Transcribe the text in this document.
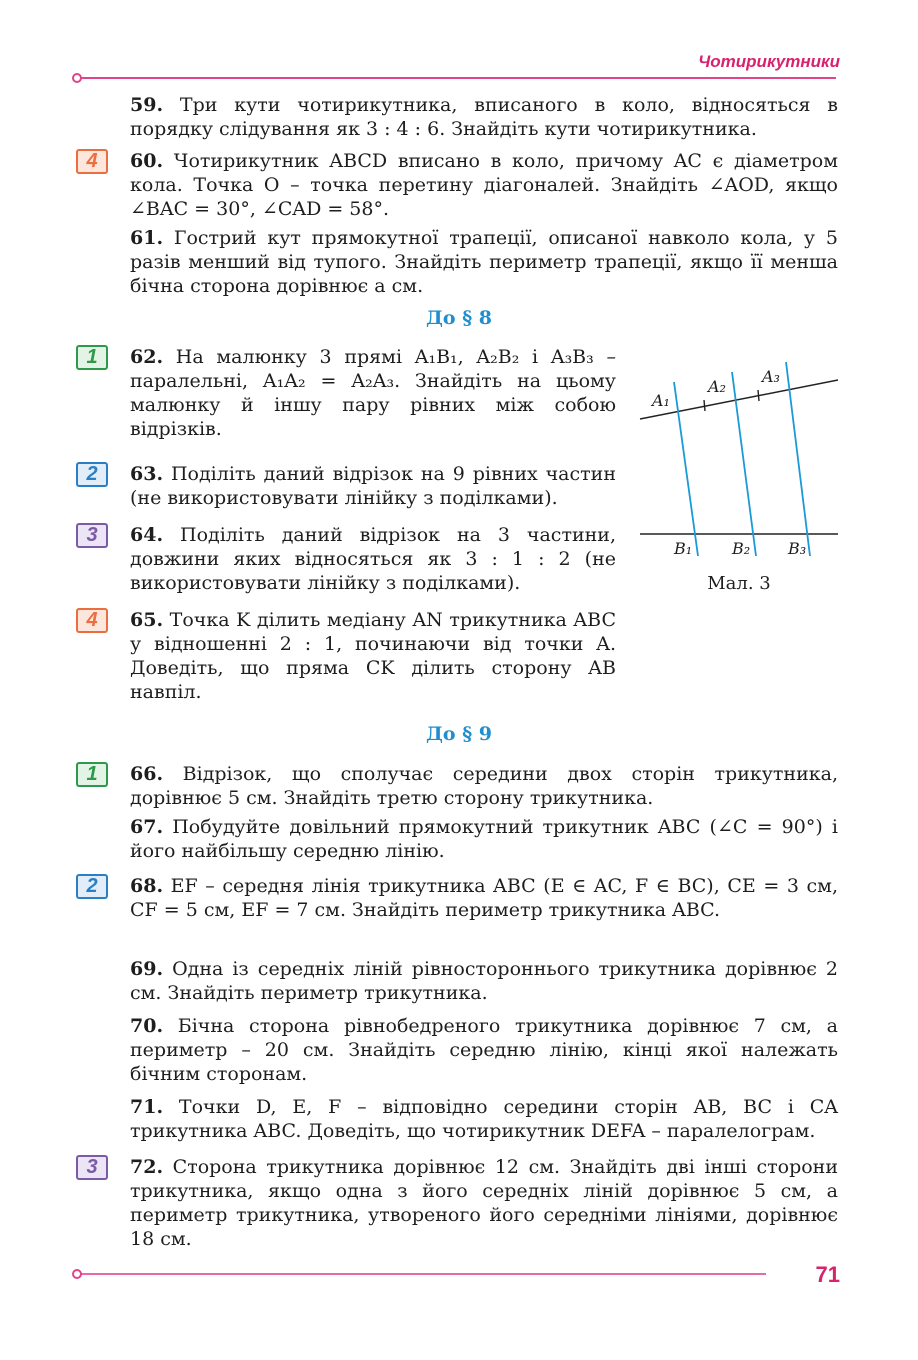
Чотирикутники
59. Три кути чотирикутника, вписаного в коло, відносяться в порядку слідування як 3 : 4 : 6. Знайдіть кути чотирикутника.
4	60. Чотирикутник ABCD вписано в коло, причому AC є діаметром кола. Точка O – точка перетину діагоналей. Знайдіть ∠AOD, якщо ∠BAC = 30°, ∠CAD = 58°.
61. Гострий кут прямокутної трапеції, описаної навколо кола, у 5 разів менший від тупого. Знайдіть периметр трапеції, якщо її менша бічна сторона дорівнює a см.
До § 8
1	62. На малюнку 3 прямі A₁B₁, A₂B₂ і A₃B₃ – паралельні, A₁A₂ = A₂A₃. Знайдіть на цьому малюнку й іншу пару рівних між собою відрізків.
2	63. Поділіть даний відрізок на 9 рівних частин (не використовувати лінійку з поділками).
3	64. Поділіть даний відрізок на 3 частини, довжини яких відносяться як 3 : 1 : 2 (не використовувати лінійку з поділками).
4	65. Точка K ділить медіану AN трикутника ABC у відношенні 2 : 1, починаючи від точки A. Доведіть, що пряма CK ділить сторону AB навпіл.
A₁
A₂
A₃
B₁ B₂ B₃
Мал. 3
До § 9
1	66. Відрізок, що сполучає середини двох сторін трикутника, дорівнює 5 см. Знайдіть третю сторону трикутника.
67. Побудуйте довільний прямокутний трикутник ABC (∠C = 90°) і його найбільшу середню лінію.
2	68. EF – середня лінія трикутника ABC (E ∈ AC, F ∈ BC), CE = 3 см, CF = 5 см, EF = 7 см. Знайдіть периметр трикутника ABC.
69. Одна із середніх ліній рівностороннього трикутника дорівнює 2 см. Знайдіть периметр трикутника.
70. Бічна сторона рівнобедреного трикутника дорівнює 7 см, а периметр – 20 см. Знайдіть середню лінію, кінці якої належать бічним сторонам.
71. Точки D, E, F – відповідно середини сторін AB, BC і CA трикутника ABC. Доведіть, що чотирикутник DEFA – паралелограм.
3	72. Сторона трикутника дорівнює 12 см. Знайдіть дві інші сторони трикутника, якщо одна з його середніх ліній дорівнює 5 см, а периметр трикутника, утвореного його середніми лініями, дорівнює 18 см.
71
